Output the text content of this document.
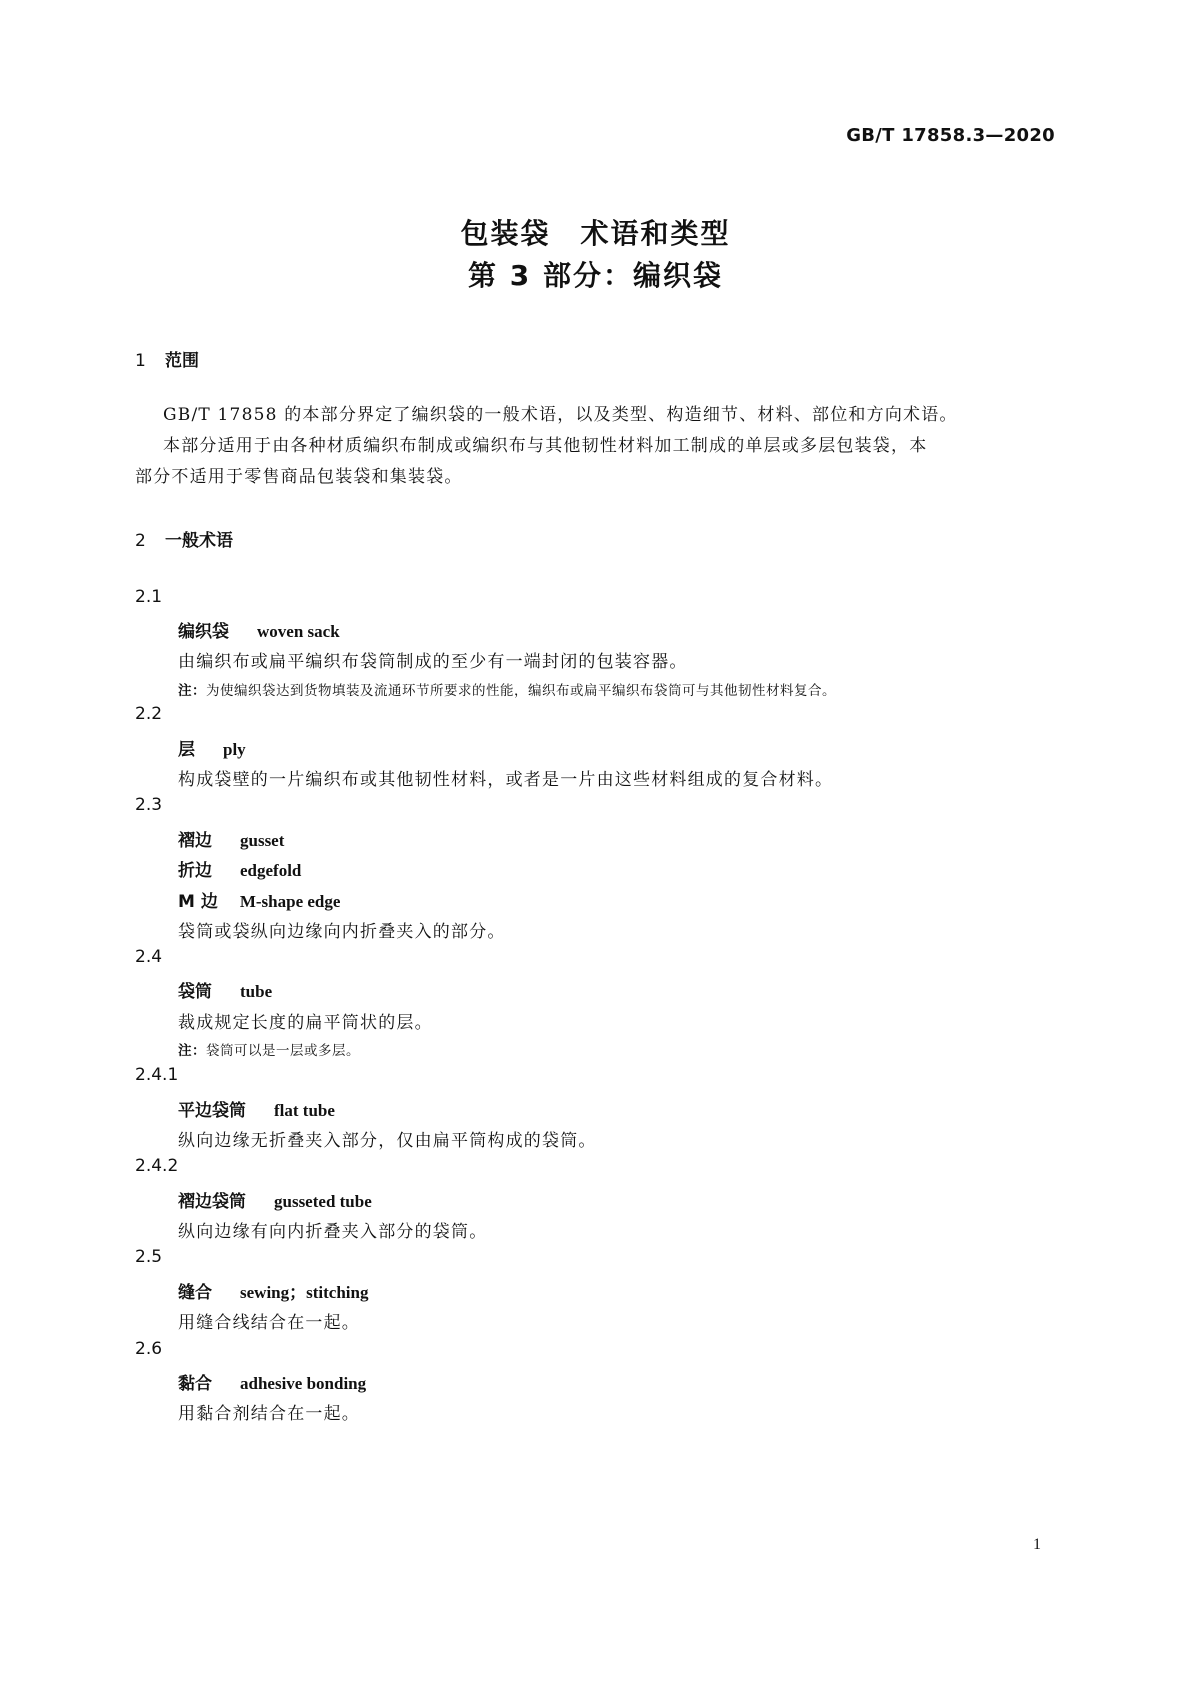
GB/T 17858.3—2020
包装袋　术语和类型
第 3 部分：编织袋
1 范围
GB/T 17858 的本部分界定了编织袋的一般术语，以及类型、构造细节、材料、部位和方向术语。
本部分适用于由各种材质编织布制成或编织布与其他韧性材料加工制成的单层或多层包装袋，本
部分不适用于零售商品包装袋和集装袋。
2 一般术语
2.1
编织袋 woven sack
由编织布或扁平编织布袋筒制成的至少有一端封闭的包装容器。
注：为使编织袋达到货物填装及流通环节所要求的性能，编织布或扁平编织布袋筒可与其他韧性材料复合。
2.2
层 ply
构成袋壁的一片编织布或其他韧性材料，或者是一片由这些材料组成的复合材料。
2.3
褶边 gusset
折边 edgefold
M 边 M-shape edge
袋筒或袋纵向边缘向内折叠夹入的部分。
2.4
袋筒 tube
裁成规定长度的扁平筒状的层。
注：袋筒可以是一层或多层。
2.4.1
平边袋筒 flat tube
纵向边缘无折叠夹入部分，仅由扁平筒构成的袋筒。
2.4.2
褶边袋筒 gusseted tube
纵向边缘有向内折叠夹入部分的袋筒。
2.5
缝合 sewing；stitching
用缝合线结合在一起。
2.6
黏合 adhesive bonding
用黏合剂结合在一起。
1
